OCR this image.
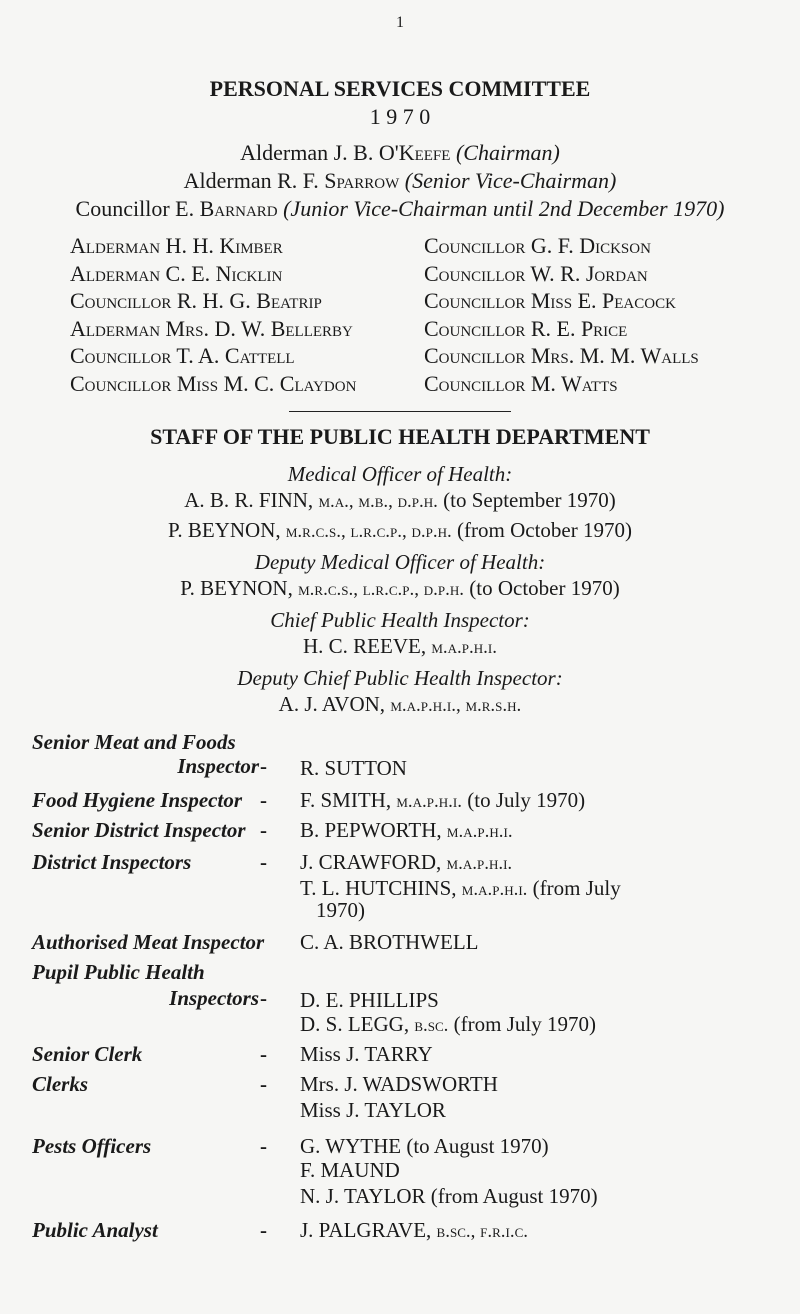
1
PERSONAL SERVICES COMMITTEE
1 9 7 0
Alderman J. B. O'Keefe (Chairman)
Alderman R. F. Sparrow (Senior Vice-Chairman)
Councillor E. Barnard (Junior Vice-Chairman until 2nd December 1970)
Alderman H. H. Kimber
Alderman C. E. Nicklin
Councillor R. H. G. Beatrip
Alderman Mrs. D. W. Bellerby
Councillor T. A. Cattell
Councillor Miss M. C. Claydon
Councillor G. F. Dickson
Councillor W. R. Jordan
Councillor Miss E. Peacock
Councillor R. E. Price
Councillor Mrs. M. M. Walls
Councillor M. Watts
STAFF OF THE PUBLIC HEALTH DEPARTMENT
Medical Officer of Health:
A. B. R. FINN, m.a., m.b., d.p.h. (to September 1970)
P. BEYNON, m.r.c.s., l.r.c.p., d.p.h. (from October 1970)
Deputy Medical Officer of Health:
P. BEYNON, m.r.c.s., l.r.c.p., d.p.h. (to October 1970)
Chief Public Health Inspector:
H. C. REEVE, m.a.p.h.i.
Deputy Chief Public Health Inspector:
A. J. AVON, m.a.p.h.i., m.r.s.h.
Senior Meat and Foods
Inspector - R. SUTTON
Food Hygiene Inspector - F. SMITH, m.a.p.h.i. (to July 1970)
Senior District Inspector - B. PEPWORTH, m.a.p.h.i.
District Inspectors	- J. CRAWFORD, m.a.p.h.i.
T. L. HUTCHINS, m.a.p.h.i. (from July
1970)
Authorised Meat Inspector C. A. BROTHWELL
Pupil Public Health
Inspectors - D. E. PHILLIPS
D. S. LEGG, b.sc. (from July 1970)
Senior Clerk	- Miss J. TARRY
Clerks	- Mrs. J. WADSWORTH
Miss J. TAYLOR
Pests Officers	- G. WYTHE (to August 1970)
F. MAUND
N. J. TAYLOR (from August 1970)
Public Analyst	- J. PALGRAVE, b.sc., f.r.i.c.
